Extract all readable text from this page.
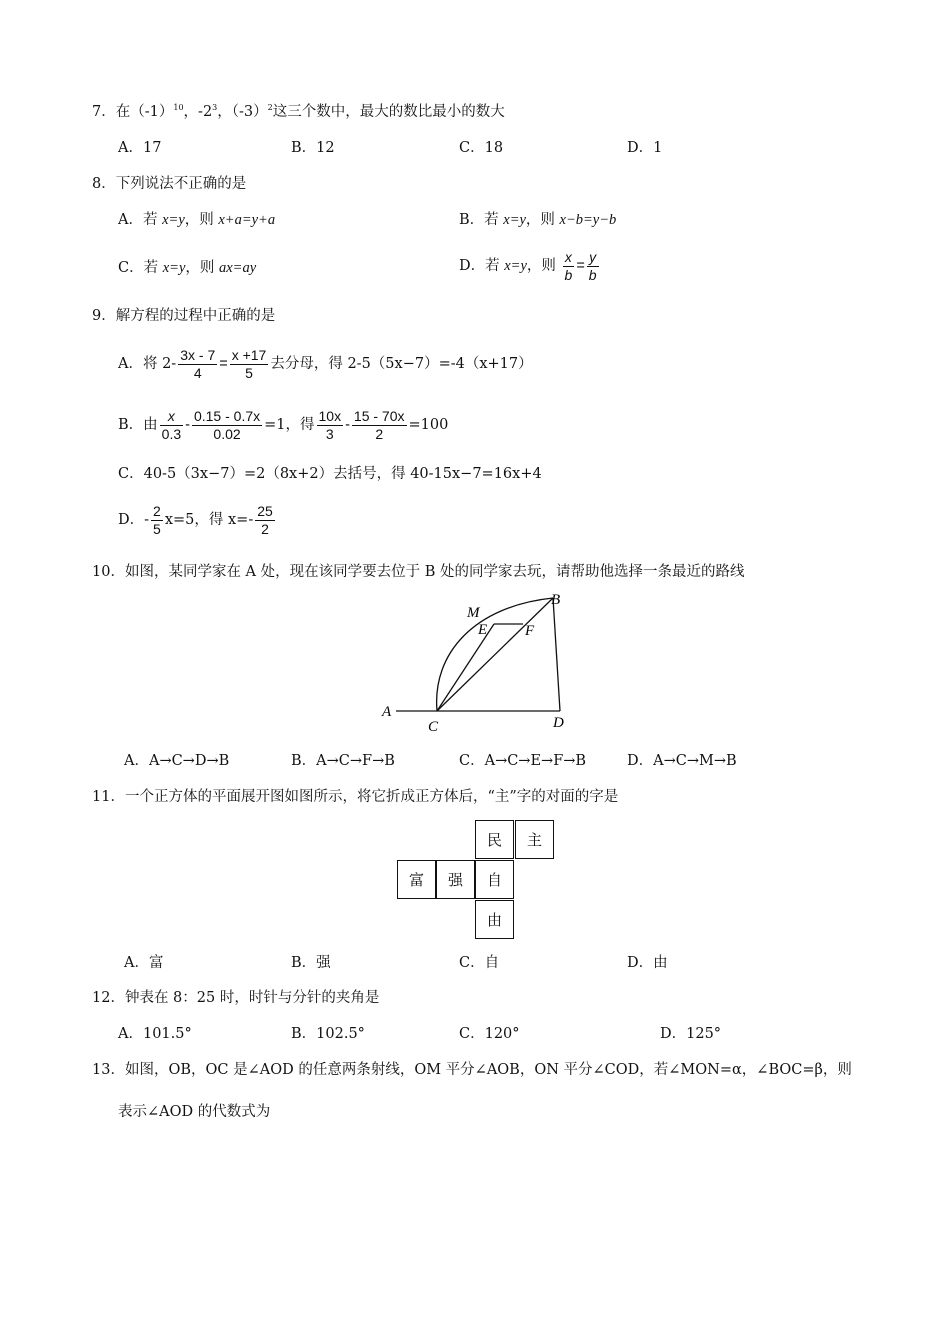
7．在$(-1)^{10}$，$-2^3$，$(-3)^2$这三个数中，最大的数比最小的数大
A．17	B．12	C．18	D．1
8．下列说法不正确的是
A．若 x=y，则 x+a=y+a	B．若 x=y，则 x−b=y−b
C．若 x=y，则 ax=ay	D．若 x=y，则 $\frac{x}{b} = \frac{y}{b}$
9．解方程的过程中正确的是
A．将 $2- \frac{3x - 7}{4} = \frac{x +17}{5}$ 去分母，得 2-5（5x−7）=-4（x+17）
B．由 $\frac{x}{0.3} - \frac{0.15 - 0.7x}{0.02} =1$，得 $\frac{10x}{3} - \frac{15 - 70x}{2} =100$
C．40-5（3x−7）=2（8x+2）去括号，得 40-15x−7=16x+4
D．- $\frac{2}{5} x=5$，得 $x=- \frac{25}{2}$
10．如图，某同学家在 A 处，现在该同学要去位于 B 处的同学家去玩，请帮助他选择一条最近的路线
A
C	D
B
M
E	F
A．A→C→D→B	B．A→C→F→B	C．A→C→E→F→B	D．A→C→M→B
11．一个正方体的平面展开图如图所示，将它折成正方体后，“主”字的对面的字是
民	主
富	强	自
由
A．富	B．强	C．自	D．由
12．钟表在 8：25 时，时针与分针的夹角是
A．101.5°	B．102.5°	C．120°	D．125°
13．如图，OB，OC 是∠AOD 的任意两条射线，OM 平分∠AOB，ON 平分∠COD，若∠MON=α，∠BOC=β，则
表示∠AOD 的代数式为
